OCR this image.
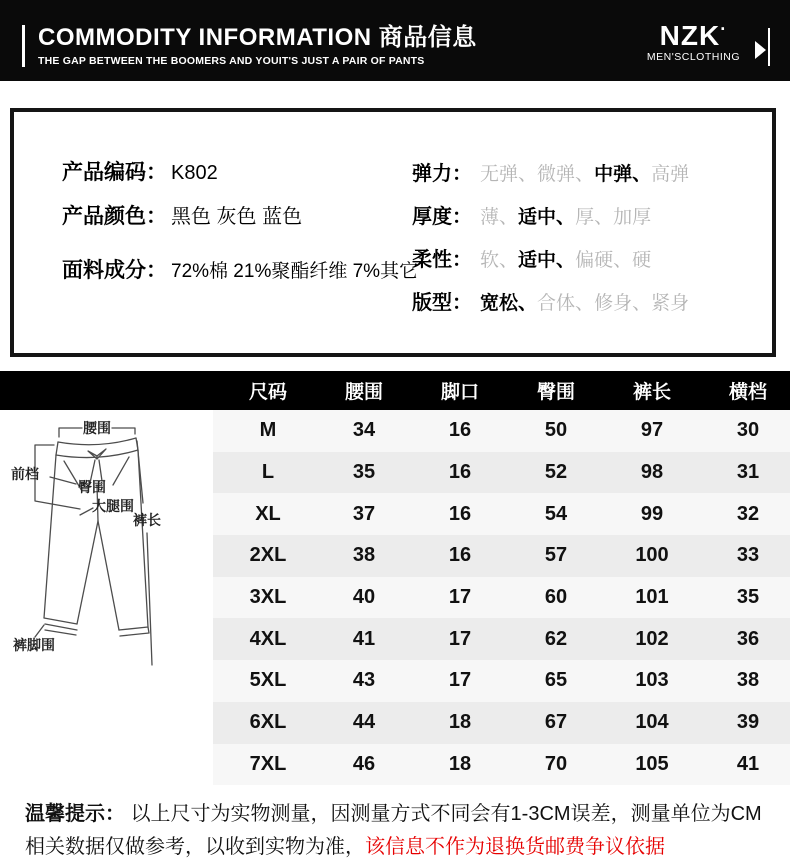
COMMODITY INFORMATION 商品信息
THE GAP BETWEEN THE BOOMERS AND YOUIT'S JUST A PAIR OF PANTS
NZK·
MEN'SCLOTHING
产品编码： K802
产品颜色： 黑色 灰色 蓝色
面料成分： 72%棉 21%聚酯纤维 7%其它
弹力： 无弹 、	微弹 、	中弹 、	高弹
厚度： 薄 、	适中 、	厚 、	加厚
柔性： 软 、	适中 、	偏硬 、	硬
版型： 宽松 、	合体 、	修身 、	紧身
尺码	腰围	脚口	臀围	裤长	横档
M	34	16	50	97	30
L	35	16	52	98	31
XL	37	16	54	99	32
2XL	38	16	57	100	33
3XL	40	17	60	101	35
4XL	41	17	62	102	36
5XL	43	17	65	103	38
6XL	44	18	67	104	39
7XL	46	18	70	105	41
腰围
前档
臀围
大腿围
裤长
裤脚围
温馨提示： 以上尺寸为实物测量，因测量方式不同会有1-3CM误差，测量单位为CM
相关数据仅做参考，以收到实物为准，该信息不作为退换货邮费争议依据
